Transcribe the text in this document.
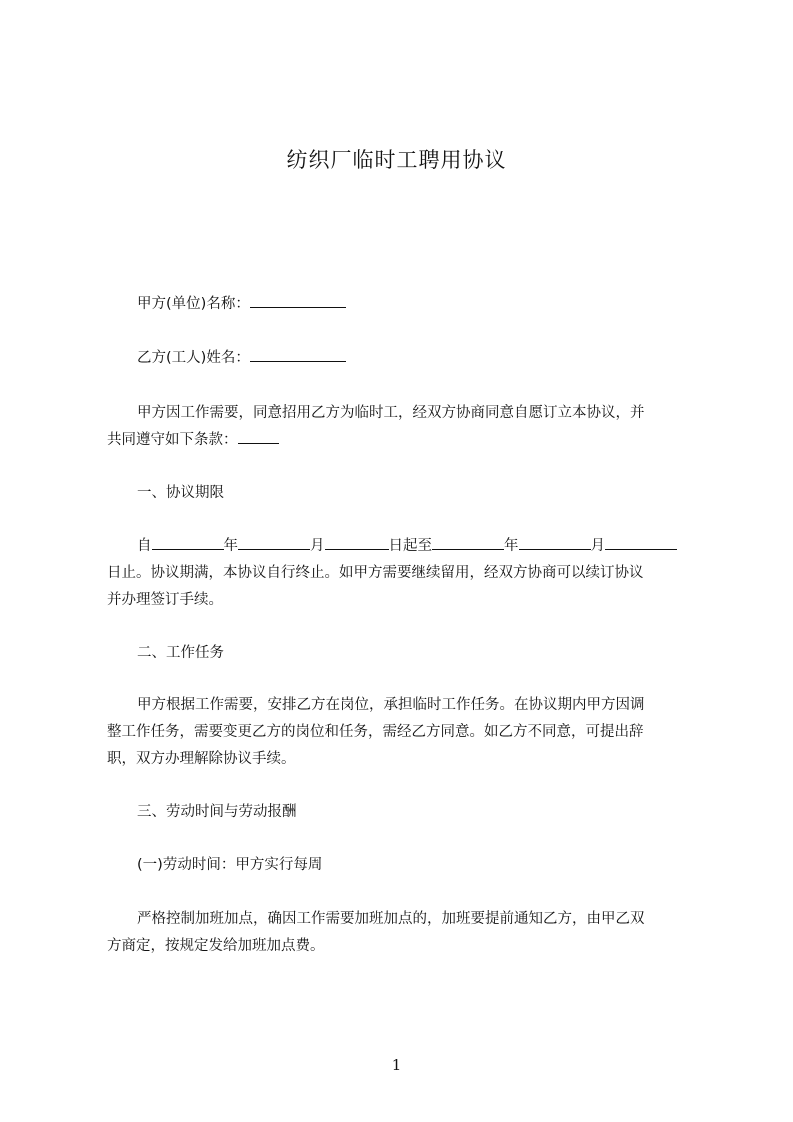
纺织厂临时工聘用协议
甲方(单位)名称：
乙方(工人)姓名：
甲方因工作需要，同意招用乙方为临时工，经双方协商同意自愿订立本协议，并
共同遵守如下条款：
一、协议期限
自	年	月	日起至	年	月
日止。协议期满，本协议自行终止。如甲方需要继续留用，经双方协商可以续订协议
并办理签订手续。
二、工作任务
甲方根据工作需要，安排乙方在岗位，承担临时工作任务。在协议期内甲方因调
整工作任务，需要变更乙方的岗位和任务，需经乙方同意。如乙方不同意，可提出辞
职，双方办理解除协议手续。
三、劳动时间与劳动报酬
(一)劳动时间：甲方实行每周
严格控制加班加点，确因工作需要加班加点的，加班要提前通知乙方，由甲乙双
方商定，按规定发给加班加点费。
1
